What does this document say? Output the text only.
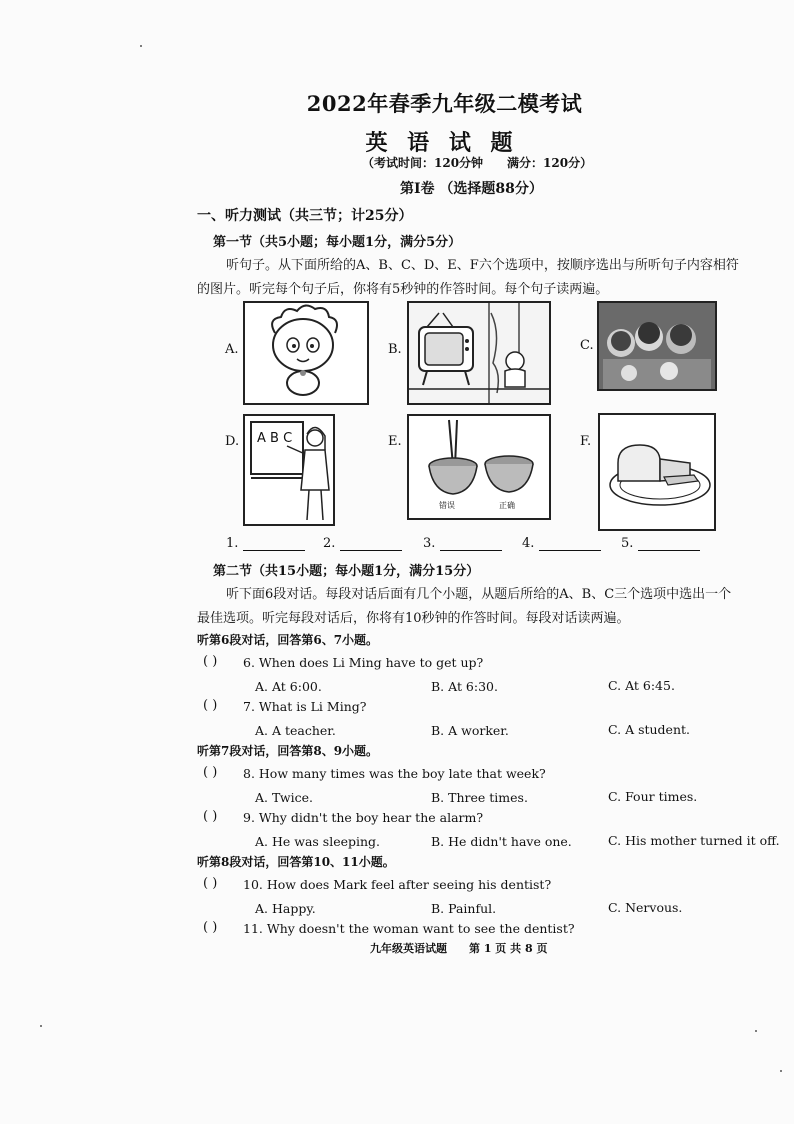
2022年春季九年级二模考试
英 语 试 题
（考试时间：120分钟　　满分：120分）
第Ⅰ卷 （选择题88分）
一、听力测试（共三节；计25分）
第一节（共5小题；每小题1分，满分5分）
听句子。从下面所给的A、B、C、D、E、F六个选项中，按顺序选出与所听句子内容相符
的图片。听完每个句子后，你将有5秒钟的作答时间。每个句子读两遍。
A.	B.	C.
D. A B C	E.
错误	正确
F.
1.	2.	3.	4.	5.
第二节（共15小题；每小题1分，满分15分）
听下面6段对话。每段对话后面有几个小题，从题后所给的A、B、C三个选项中选出一个
最佳选项。听完每段对话后，你将有10秒钟的作答时间。每段对话读两遍。
听第6段对话，回答第6、7小题。
( ) 6. When does Li Ming have to get up?
A. At 6:00.	B. At 6:30.	C. At 6:45.
( ) 7. What is Li Ming?
A. A teacher.	B. A worker.	C. A student.
听第7段对话，回答第8、9小题。
( ) 8. How many times was the boy late that week?
A. Twice.	B. Three times.	C. Four times.
( ) 9. Why didn't the boy hear the alarm?
A. He was sleeping.	B. He didn't have one.	C. His mother turned it off.
听第8段对话，回答第10、11小题。
( ) 10. How does Mark feel after seeing his dentist?
A. Happy.	B. Painful.	C. Nervous.
( ) 11. Why doesn't the woman want to see the dentist?
九年级英语试题　　第 1 页 共 8 页
